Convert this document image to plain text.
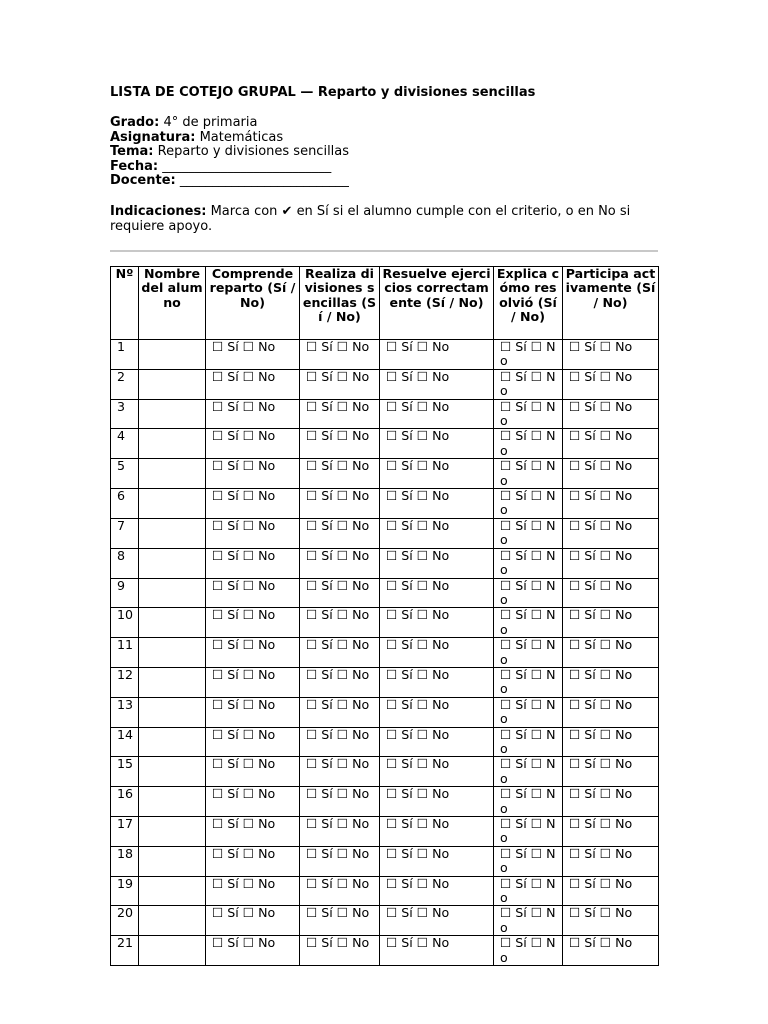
LISTA DE COTEJO GRUPAL — Reparto y divisiones sencillas
Grado: 4° de primaria
Asignatura: Matemáticas
Tema: Reparto y divisiones sencillas
Fecha: __________________________
Docente: __________________________
Indicaciones: Marca con ✔ en Sí si el alumno cumple con el criterio, o en No si requiere apoyo.
Nº	Nombre del alumno	Comprende reparto (Sí / No)	Realiza divisiones sencillas (Sí / No)	Resuelve ejercicios correctamente (Sí / No)	Explica cómo resolvió (Sí / No)	Participa activamente (Sí / No)
1		☐ Sí ☐ No	☐ Sí ☐ No	☐ Sí ☐ No	☐ Sí ☐ No	☐ Sí ☐ No
2		☐ Sí ☐ No	☐ Sí ☐ No	☐ Sí ☐ No	☐ Sí ☐ No	☐ Sí ☐ No
3		☐ Sí ☐ No	☐ Sí ☐ No	☐ Sí ☐ No	☐ Sí ☐ No	☐ Sí ☐ No
4		☐ Sí ☐ No	☐ Sí ☐ No	☐ Sí ☐ No	☐ Sí ☐ No	☐ Sí ☐ No
5		☐ Sí ☐ No	☐ Sí ☐ No	☐ Sí ☐ No	☐ Sí ☐ No	☐ Sí ☐ No
6		☐ Sí ☐ No	☐ Sí ☐ No	☐ Sí ☐ No	☐ Sí ☐ No	☐ Sí ☐ No
7		☐ Sí ☐ No	☐ Sí ☐ No	☐ Sí ☐ No	☐ Sí ☐ No	☐ Sí ☐ No
8		☐ Sí ☐ No	☐ Sí ☐ No	☐ Sí ☐ No	☐ Sí ☐ No	☐ Sí ☐ No
9		☐ Sí ☐ No	☐ Sí ☐ No	☐ Sí ☐ No	☐ Sí ☐ No	☐ Sí ☐ No
10		☐ Sí ☐ No	☐ Sí ☐ No	☐ Sí ☐ No	☐ Sí ☐ No	☐ Sí ☐ No
11		☐ Sí ☐ No	☐ Sí ☐ No	☐ Sí ☐ No	☐ Sí ☐ No	☐ Sí ☐ No
12		☐ Sí ☐ No	☐ Sí ☐ No	☐ Sí ☐ No	☐ Sí ☐ No	☐ Sí ☐ No
13		☐ Sí ☐ No	☐ Sí ☐ No	☐ Sí ☐ No	☐ Sí ☐ No	☐ Sí ☐ No
14		☐ Sí ☐ No	☐ Sí ☐ No	☐ Sí ☐ No	☐ Sí ☐ No	☐ Sí ☐ No
15		☐ Sí ☐ No	☐ Sí ☐ No	☐ Sí ☐ No	☐ Sí ☐ No	☐ Sí ☐ No
16		☐ Sí ☐ No	☐ Sí ☐ No	☐ Sí ☐ No	☐ Sí ☐ No	☐ Sí ☐ No
17		☐ Sí ☐ No	☐ Sí ☐ No	☐ Sí ☐ No	☐ Sí ☐ No	☐ Sí ☐ No
18		☐ Sí ☐ No	☐ Sí ☐ No	☐ Sí ☐ No	☐ Sí ☐ No	☐ Sí ☐ No
19		☐ Sí ☐ No	☐ Sí ☐ No	☐ Sí ☐ No	☐ Sí ☐ No	☐ Sí ☐ No
20		☐ Sí ☐ No	☐ Sí ☐ No	☐ Sí ☐ No	☐ Sí ☐ No	☐ Sí ☐ No
21		☐ Sí ☐ No	☐ Sí ☐ No	☐ Sí ☐ No	☐ Sí ☐ No	☐ Sí ☐ No
